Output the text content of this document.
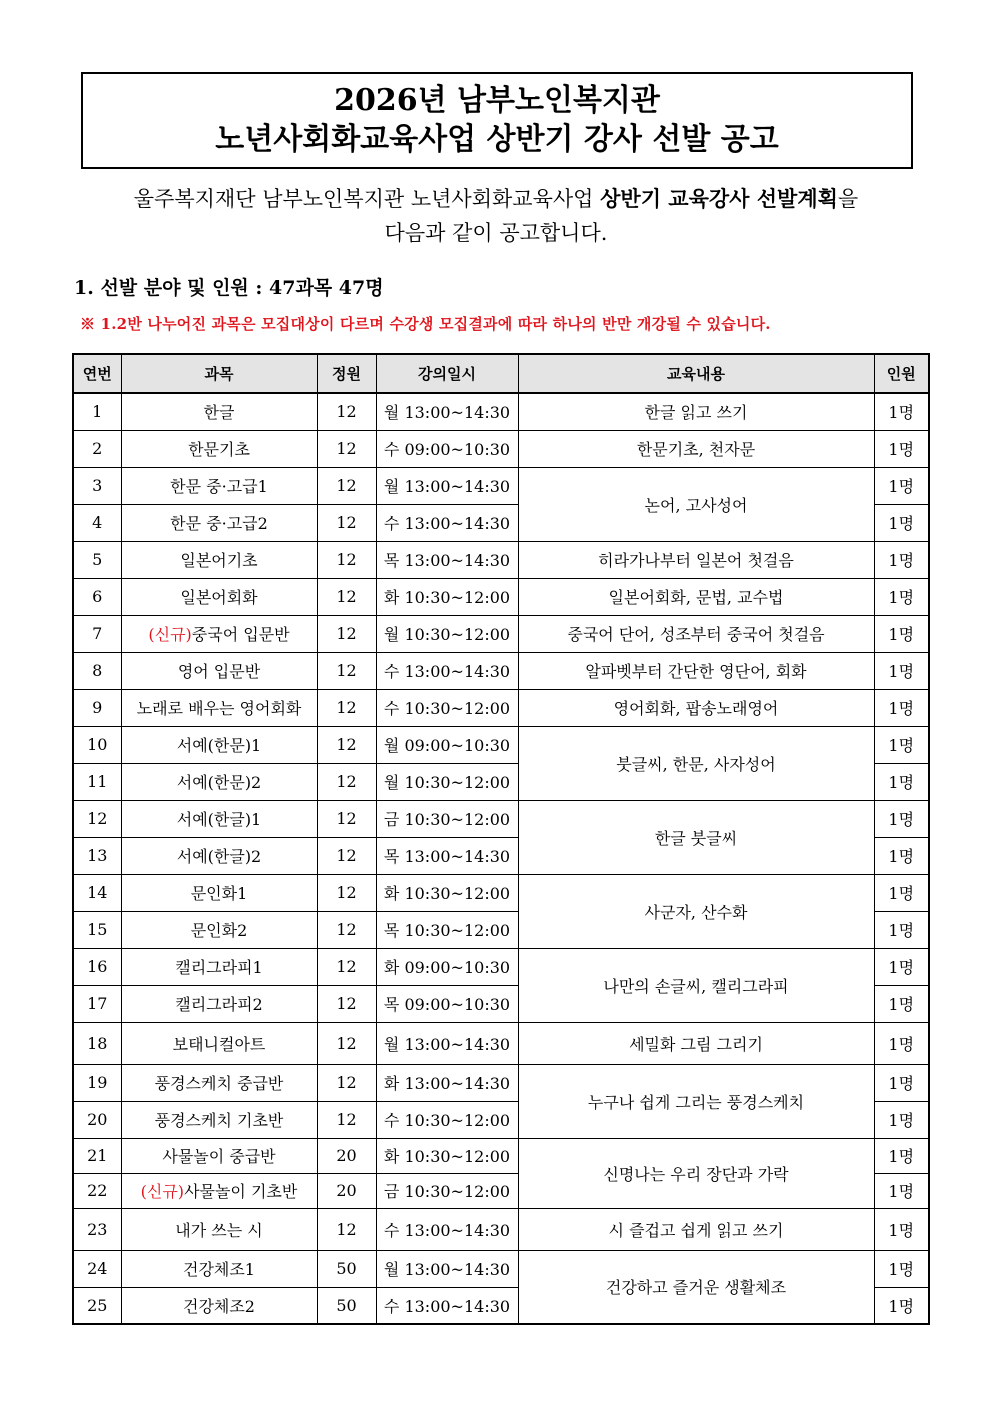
2026년 남부노인복지관
노년사회화교육사업 상반기 강사 선발 공고
울주복지재단 남부노인복지관 노년사회화교육사업 상반기 교육강사 선발계획을
다음과 같이 공고합니다.
1. 선발 분야 및 인원 : 47과목 47명
※ 1.2반 나누어진 과목은 모집대상이 다르며 수강생 모집결과에 따라 하나의 반만 개강될 수 있습니다.
연번	과목	정원	강의일시	교육내용	인원
1	한글	12	월 13:00~14:30	한글 읽고 쓰기	1명
2	한문기초	12	수 09:00~10:30	한문기초, 천자문	1명
3	한문 중·고급1	12	월 13:00~14:30	논어, 고사성어	1명
4	한문 중·고급2	12	수 13:00~14:30		1명
5	일본어기초	12	목 13:00~14:30	히라가나부터 일본어 첫걸음	1명
6	일본어회화	12	화 10:30~12:00	일본어회화, 문법, 교수법	1명
7	(신규)중국어 입문반	12	월 10:30~12:00	중국어 단어, 성조부터 중국어 첫걸음	1명
8	영어 입문반	12	수 13:00~14:30	알파벳부터 간단한 영단어, 회화	1명
9	노래로 배우는 영어회화	12	수 10:30~12:00	영어회화, 팝송노래영어	1명
10	서예(한문)1	12	월 09:00~10:30	붓글씨, 한문, 사자성어	1명
11	서예(한문)2	12	월 10:30~12:00		1명
12	서예(한글)1	12	금 10:30~12:00	한글 붓글씨	1명
13	서예(한글)2	12	목 13:00~14:30		1명
14	문인화1	12	화 10:30~12:00	사군자, 산수화	1명
15	문인화2	12	목 10:30~12:00		1명
16	캘리그라피1	12	화 09:00~10:30	나만의 손글씨, 캘리그라피	1명
17	캘리그라피2	12	목 09:00~10:30		1명
18	보태니컬아트	12	월 13:00~14:30	세밀화 그림 그리기	1명
19	풍경스케치 중급반	12	화 13:00~14:30	누구나 쉽게 그리는 풍경스케치	1명
20	풍경스케치 기초반	12	수 10:30~12:00		1명
21	사물놀이 중급반	20	화 10:30~12:00	신명나는 우리 장단과 가락	1명
22	(신규)사물놀이 기초반	20	금 10:30~12:00		1명
23	내가 쓰는 시	12	수 13:00~14:30	시 즐겁고 쉽게 읽고 쓰기	1명
24	건강체조1	50	월 13:00~14:30	건강하고 즐거운 생활체조	1명
25	건강체조2	50	수 13:00~14:30		1명
